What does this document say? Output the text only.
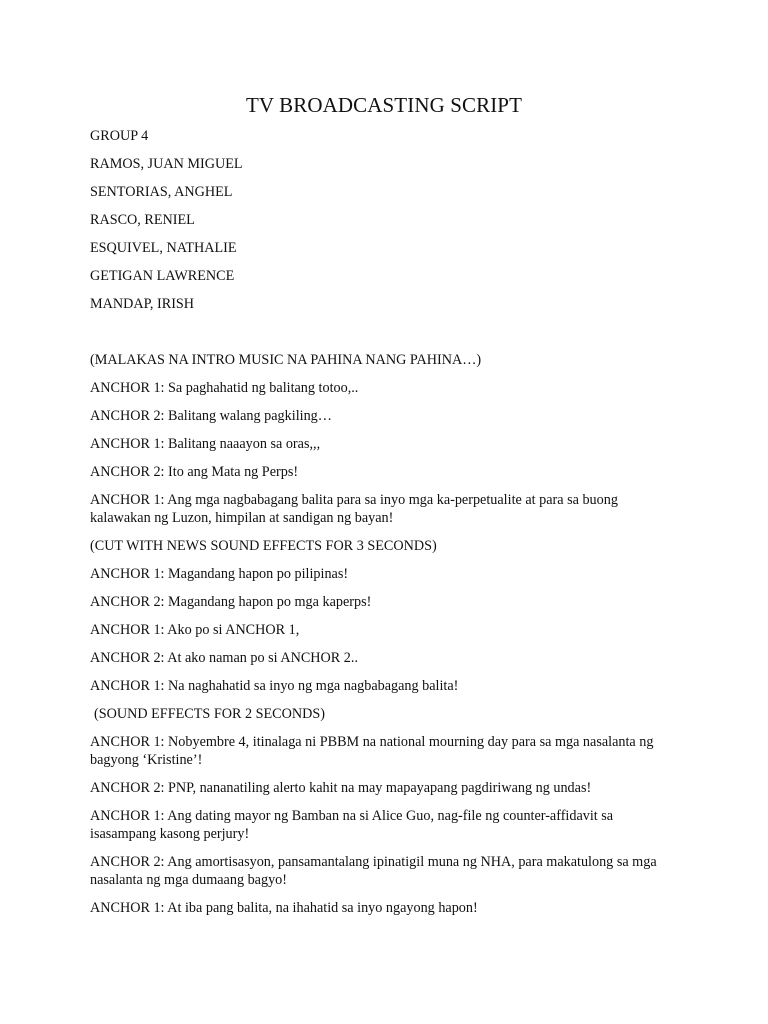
TV BROADCASTING SCRIPT

GROUP 4

RAMOS, JUAN MIGUEL

SENTORIAS, ANGHEL

RASCO, RENIEL

ESQUIVEL, NATHALIE

GETIGAN LAWRENCE

MANDAP, IRISH

(MALAKAS NA INTRO MUSIC NA PAHINA NANG PAHINA…)

ANCHOR 1: Sa paghahatid ng balitang totoo,..

ANCHOR 2: Balitang walang pagkiling…

ANCHOR 1: Balitang naaayon sa oras,,,

ANCHOR 2: Ito ang Mata ng Perps!

ANCHOR 1: Ang mga nagbabagang balita para sa inyo mga ka-perpetualite at para sa buong kalawakan ng Luzon, himpilan at sandigan ng bayan!

(CUT WITH NEWS SOUND EFFECTS FOR 3 SECONDS)

ANCHOR 1: Magandang hapon po pilipinas!

ANCHOR 2: Magandang hapon po mga kaperps!

ANCHOR 1: Ako po si ANCHOR 1,

ANCHOR 2: At ako naman po si ANCHOR 2..

ANCHOR 1: Na naghahatid sa inyo ng mga nagbabagang balita!

(SOUND EFFECTS FOR 2 SECONDS)

ANCHOR 1: Nobyembre 4, itinalaga ni PBBM na national mourning day para sa mga nasalanta ng bagyong ‘Kristine’!

ANCHOR 2: PNP, nananatiling alerto kahit na may mapayapang pagdiriwang ng undas!

ANCHOR 1: Ang dating mayor ng Bamban na si Alice Guo, nag-file ng counter-affidavit sa isasampang kasong perjury!

ANCHOR 2: Ang amortisasyon, pansamantalang ipinatigil muna ng NHA, para makatulong sa mga nasalanta ng mga dumaang bagyo!

ANCHOR 1: At iba pang balita, na ihahatid sa inyo ngayong hapon!
